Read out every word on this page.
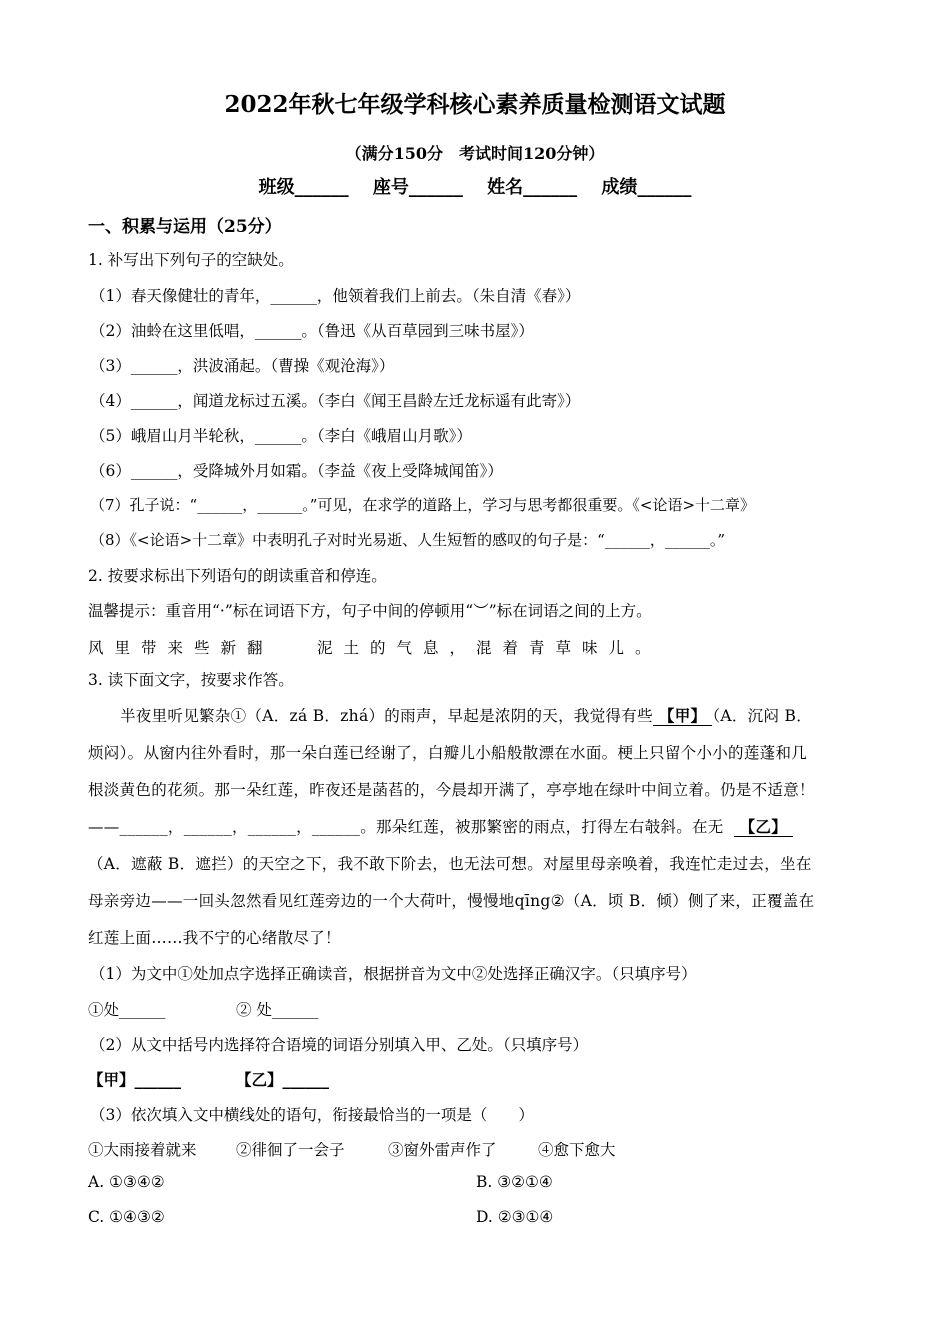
2022年秋七年级学科核心素养质量检测语文试题
（满分150分　考试时间120分钟）
班级______ 座号______ 姓名______ 成绩______
一、积累与运用（25分）
1. 补写出下列句子的空缺处。
（1）春天像健壮的青年，______，他领着我们上前去。（朱自清《春》）
（2）油蛉在这里低唱，______。（鲁迅《从百草园到三味书屋》）
（3）______，洪波涌起。（曹操《观沧海》）
（4）______，闻道龙标过五溪。（李白《闻王昌龄左迁龙标遥有此寄》）
（5）峨眉山月半轮秋，______。（李白《峨眉山月歌》）
（6）______，受降城外月如霜。（李益《夜上受降城闻笛》）
（7）孔子说：“______，______。”可见，在求学的道路上，学习与思考都很重要。《<论语>十二章》
（8）《<论语>十二章》中表明孔子对时光易逝、人生短暂的感叹的句子是：“______，______。”
2. 按要求标出下列语句的朗读重音和停连。
温馨提示：重音用“·”标在词语下方，句子中间的停顿用“︶”标在词语之间的上方。
风里带来些新翻	泥土的气息，混着青草味儿。
3. 读下面文字，按要求作答。
半夜里听见繁杂①（A．zá B．zhá）的雨声，早起是浓阴的天，我觉得有些 【甲】 （A．沉闷 B．
烦闷）。从窗内往外看时，那一朵白莲已经谢了，白瓣儿小船般散漂在水面。梗上只留个小小的莲蓬和几
根淡黄色的花须。那一朵红莲，昨夜还是菡萏的，今晨却开满了，亭亭地在绿叶中间立着。仍是不适意！
——______，______，______，______。那朵红莲，被那繁密的雨点，打得左右攲斜。在无 【乙】
（A．遮蔽 B．遮拦）的天空之下，我不敢下阶去，也无法可想。对屋里母亲唤着，我连忙走过去，坐在
母亲旁边——一回头忽然看见红莲旁边的一个大荷叶，慢慢地qīng②（A．顷 B．倾）侧了来，正覆盖在
红莲上面……我不宁的心绪散尽了！
（1）为文中①处加点字选择正确读音，根据拼音为文中②处选择正确汉字。（只填序号）
①处______	② 处______
（2）从文中括号内选择符合语境的词语分别填入甲、乙处。（只填序号）
【甲】______	【乙】______
（3）依次填入文中横线处的语句，衔接最恰当的一项是（　　）
①大雨接着就来	②徘徊了一会子	③窗外雷声作了	④愈下愈大
A. ①③④②	B. ③②①④
C. ①④③②	D. ②③①④
